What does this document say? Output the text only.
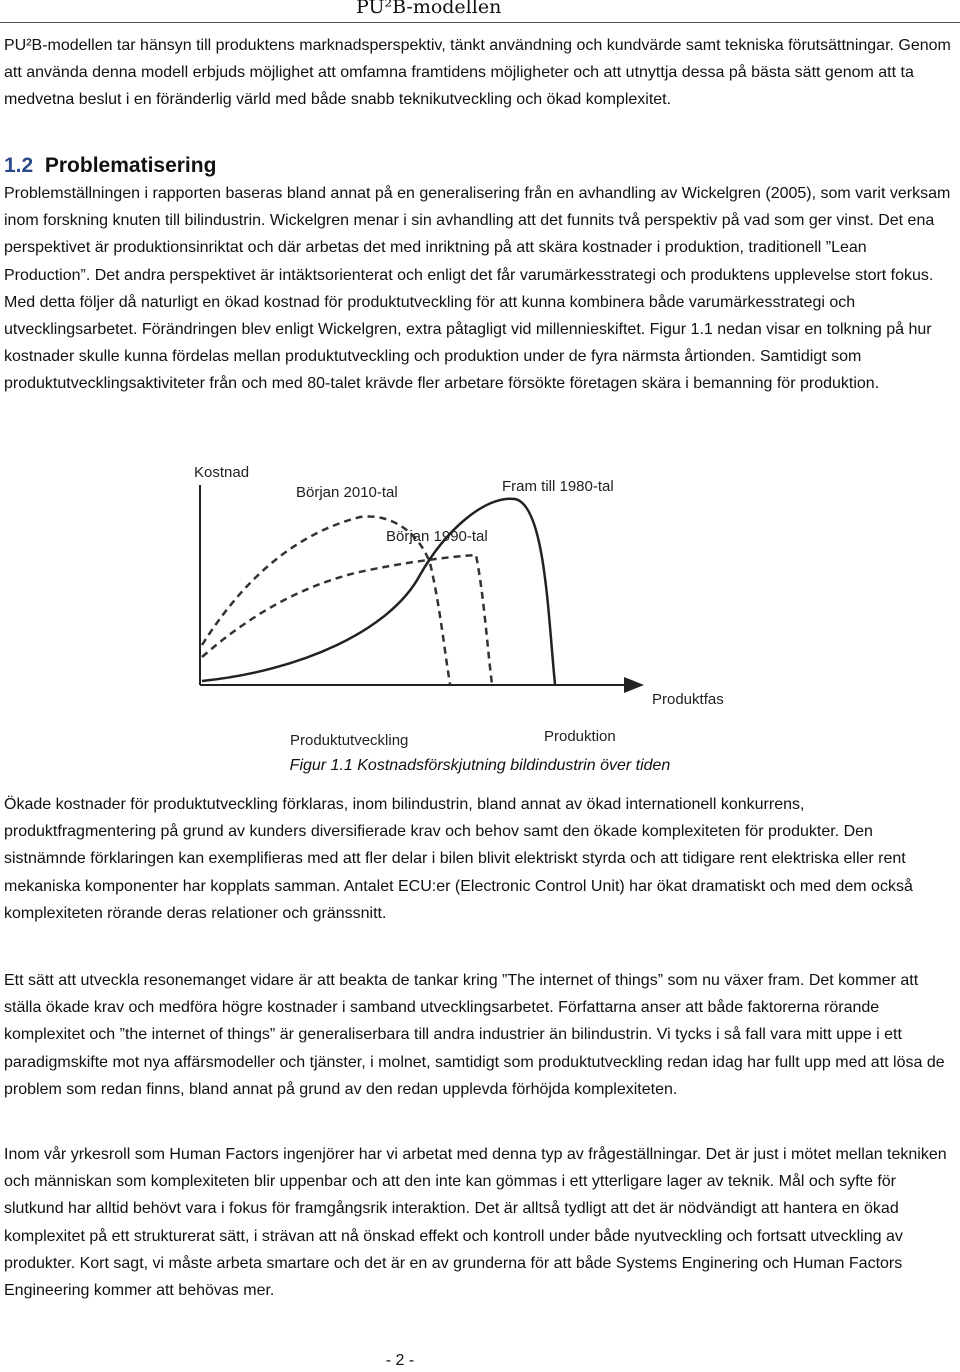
PU²B-modellen

PU²B-modellen tar hänsyn till produktens marknadsperspektiv, tänkt användning och kundvärde samt tekniska förutsättningar. Genom att använda denna modell erbjuds möjlighet att omfamna framtidens möjligheter och att utnyttja dessa på bästa sätt genom att ta medvetna beslut i en föränderlig värld med både snabb teknikutveckling och ökad komplexitet.

1.2 Problematisering

Problemställningen i rapporten baseras bland annat på en generalisering från en avhandling av Wickelgren (2005), som varit verksam inom forskning knuten till bilindustrin. Wickelgren menar i sin avhandling att det funnits två perspektiv på vad som ger vinst. Det ena perspektivet är produktionsinriktat och där arbetas det med inriktning på att skära kostnader i produktion, traditionell ”Lean Production”. Det andra perspektivet är intäktsorienterat och enligt det får varumärkesstrategi och produktens upplevelse stort fokus. Med detta följer då naturligt en ökad kostnad för produktutveckling för att kunna kombinera både varumärkesstrategi och utvecklingsarbetet. Förändringen blev enligt Wickelgren, extra påtagligt vid millennieskiftet. Figur 1.1 nedan visar en tolkning på hur kostnader skulle kunna fördelas mellan produktutveckling och produktion under de fyra närmsta årtionden. Samtidigt som produktutvecklingsaktiviteter från och med 80-talet krävde fler arbetare försökte företagen skära i bemanning för produktion.

Kostnad
Produktfas
Produktutveckling	Produktion
Början 2010-tal
Början 1990-tal
Fram till 1980-tal
Figur 1.1 Kostnadsförskjutning bildindustrin över tiden

Ökade kostnader för produktutveckling förklaras, inom bilindustrin, bland annat av ökad internationell konkurrens, produktfragmentering på grund av kunders diversifierade krav och behov samt den ökade komplexiteten för produkter. Den sistnämnde förklaringen kan exemplifieras med att fler delar i bilen blivit elektriskt styrda och att tidigare rent elektriska eller rent mekaniska komponenter har kopplats samman. Antalet ECU:er (Electronic Control Unit) har ökat dramatiskt och med dem också komplexiteten rörande deras relationer och gränssnitt.

Ett sätt att utveckla resonemanget vidare är att beakta de tankar kring ”The internet of things” som nu växer fram. Det kommer att ställa ökade krav och medföra högre kostnader i samband utvecklingsarbetet. Författarna anser att både faktorerna rörande komplexitet och ”the internet of things” är generaliserbara till andra industrier än bilindustrin. Vi tycks i så fall vara mitt uppe i ett paradigmskifte mot nya affärsmodeller och tjänster, i molnet, samtidigt som produktutveckling redan idag har fullt upp med att lösa de problem som redan finns, bland annat på grund av den redan upplevda förhöjda komplexiteten.

Inom vår yrkesroll som Human Factors ingenjörer har vi arbetat med denna typ av frågeställningar. Det är just i mötet mellan tekniken och människan som komplexiteten blir uppenbar och att den inte kan gömmas i ett ytterligare lager av teknik. Mål och syfte för slutkund har alltid behövt vara i fokus för framgångsrik interaktion. Det är alltså tydligt att det är nödvändigt att hantera en ökad komplexitet på ett strukturerat sätt, i strävan att nå önskad effekt och kontroll under både nyutveckling och fortsatt utveckling av produkter. Kort sagt, vi måste arbeta smartare och det är en av grunderna för att både Systems Enginering och Human Factors Engineering kommer att behövas mer.

- 2 -
